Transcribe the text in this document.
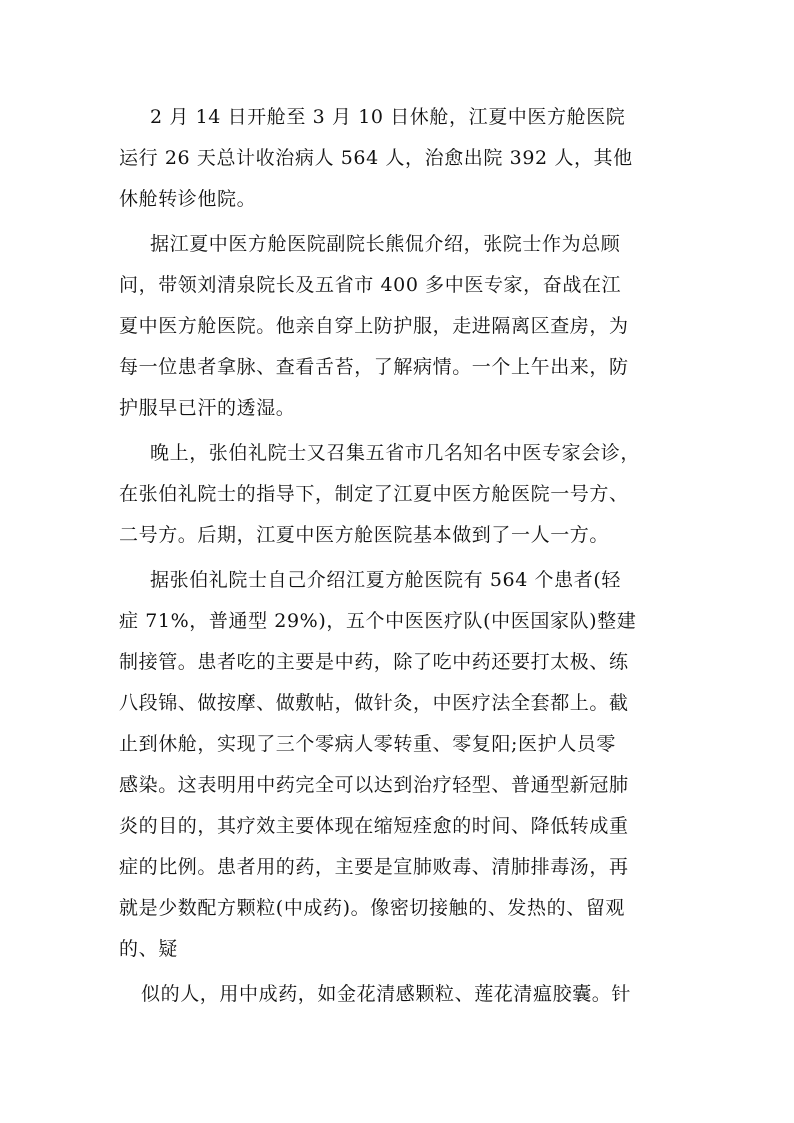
2 月 14 日开舱至 3 月 10 日休舱，江夏中医方舱医院
运行 26 天总计收治病人 564 人，治愈出院 392 人，其他
休舱转诊他院。
据江夏中医方舱医院副院长熊侃介绍，张院士作为总顾
问，带领刘清泉院长及五省市 400 多中医专家，奋战在江
夏中医方舱医院。他亲自穿上防护服，走进隔离区查房，为
每一位患者拿脉、查看舌苔，了解病情。一个上午出来，防
护服早已汗的透湿。
晚上，张伯礼院士又召集五省市几名知名中医专家会诊，
在张伯礼院士的指导下，制定了江夏中医方舱医院一号方、
二号方。后期，江夏中医方舱医院基本做到了一人一方。
据张伯礼院士自己介绍江夏方舱医院有 564 个患者(轻
症 71%，普通型 29%)，五个中医医疗队(中医国家队)整建
制接管。患者吃的主要是中药，除了吃中药还要打太极、练
八段锦、做按摩、做敷帖，做针灸，中医疗法全套都上。截
止到休舱，实现了三个零病人零转重、零复阳;医护人员零
感染。这表明用中药完全可以达到治疗轻型、普通型新冠肺
炎的目的，其疗效主要体现在缩短痊愈的时间、降低转成重
症的比例。患者用的药，主要是宣肺败毒、清肺排毒汤，再
就是少数配方颗粒(中成药)。像密切接触的、发热的、留观
的、疑
似的人，用中成药，如金花清感颗粒、莲花清瘟胶囊。针
